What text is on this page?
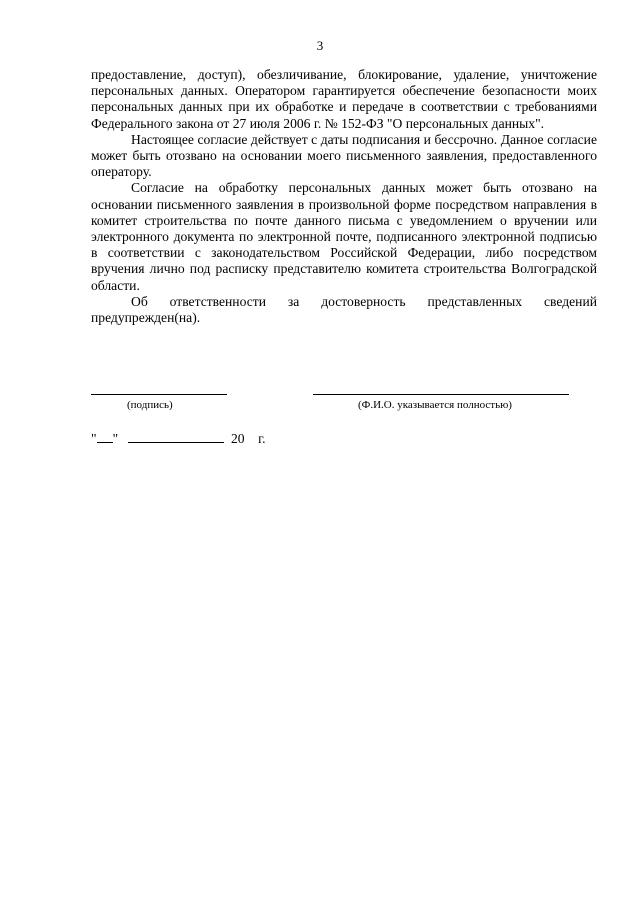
3

предоставление, доступ), обезличивание, блокирование, удаление, уничтожение персональных данных. Оператором гарантируется обеспечение безопасности моих персональных данных при их обработке и передаче в соответствии с требованиями Федерального закона от 27 июля 2006 г. № 152-ФЗ "О персональных данных".

Настоящее согласие действует с даты подписания и бессрочно. Данное согласие может быть отозвано на основании моего письменного заявления, предоставленного оператору.

Согласие на обработку персональных данных может быть отозвано на основании письменного заявления в произвольной форме посредством направления в комитет строительства по почте данного письма с уведомлением о вручении или электронного документа по электронной почте, подписанного электронной подписью в соответствии с законодательством Российской Федерации, либо посредством вручения лично под расписку представителю комитета строительства Волгоградской области.

Об ответственности за достоверность представленных сведений предупрежден(на).

(подпись)	(Ф.И.О. указывается полностью)
" "	20 г.
